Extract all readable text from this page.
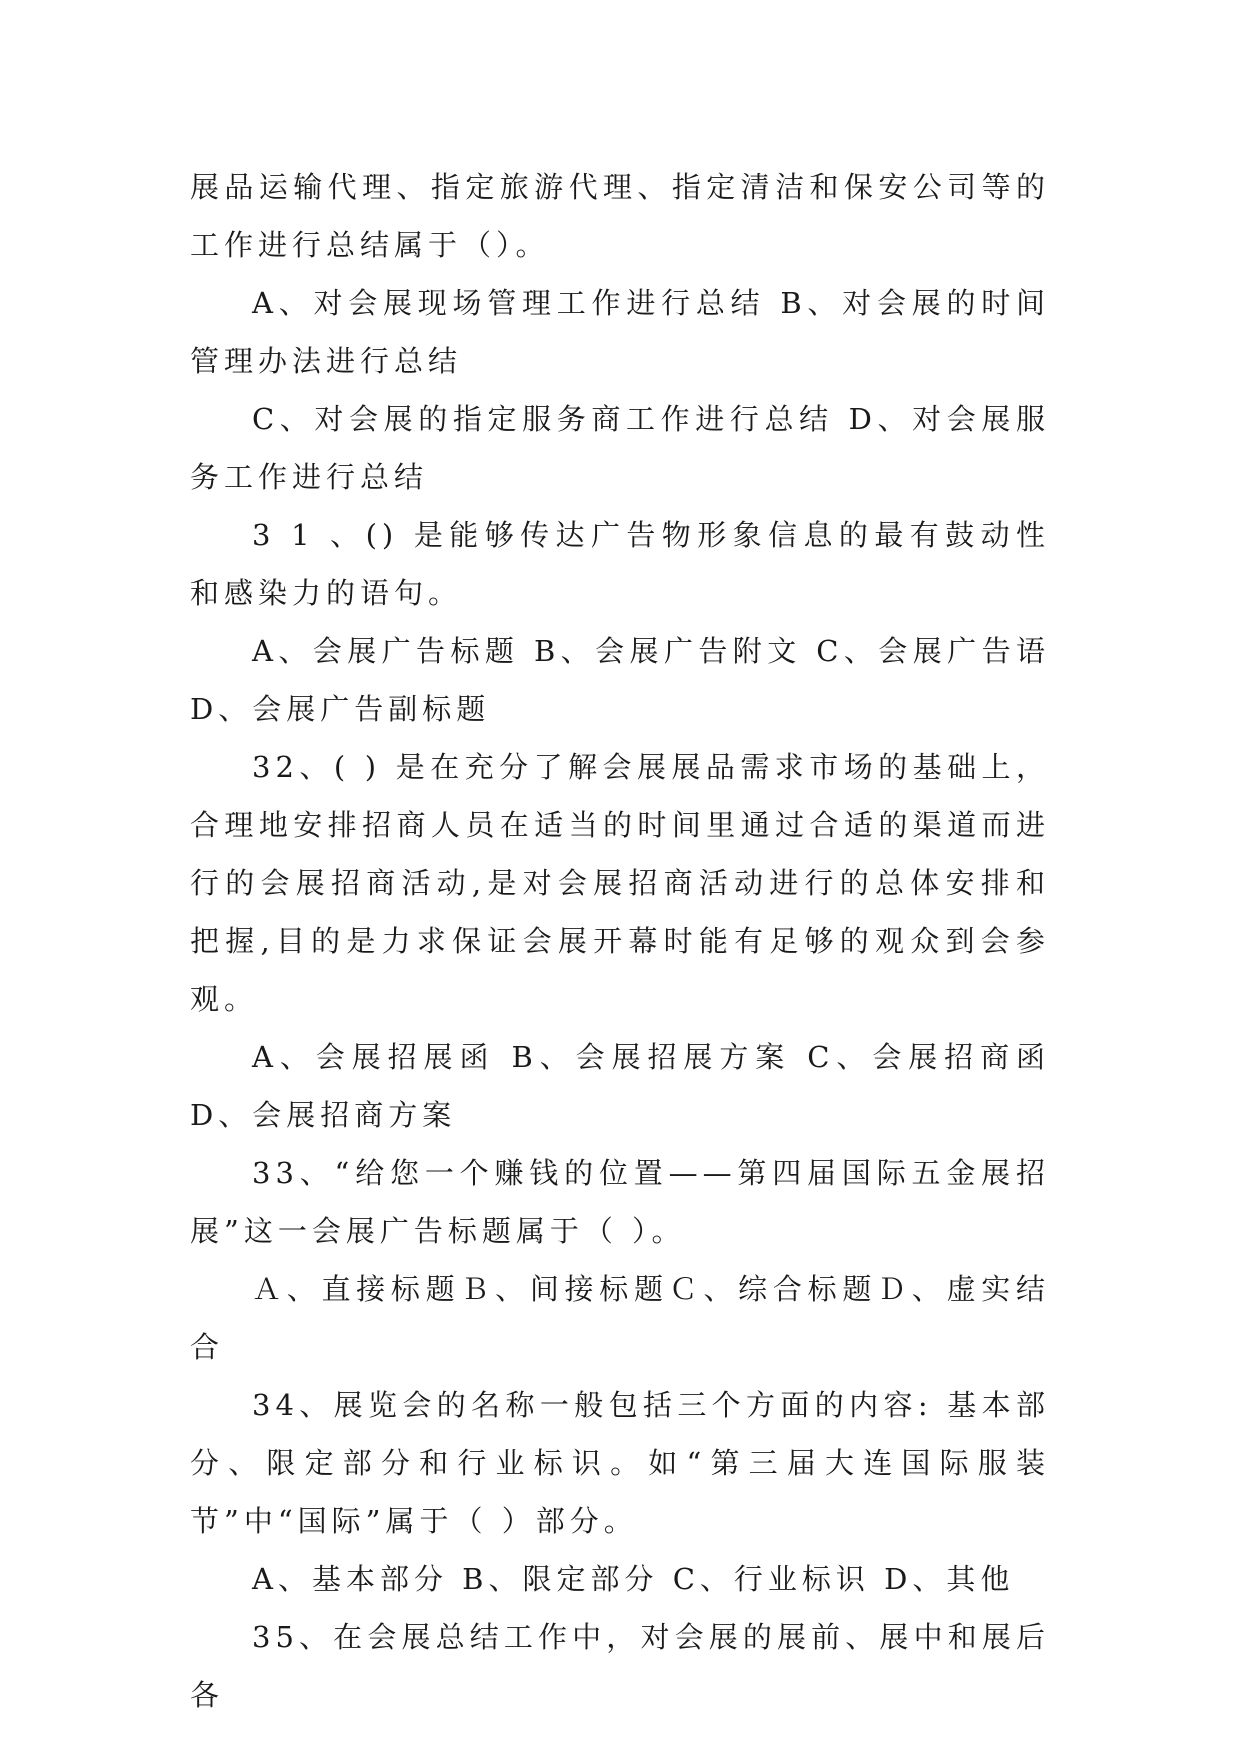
展品运输代理、指定旅游代理、指定清洁和保安公司等的工作进行总结属于（）。

A、对会展现场管理工作进行总结 B、对会展的时间管理办法进行总结

C、对会展的指定服务商工作进行总结 D、对会展服务工作进行总结

3 1 、() 是能够传达广告物形象信息的最有鼓动性和感染力的语句。

A、会展广告标题 B、会展广告附文 C、会展广告语 D、会展广告副标题

32、( ) 是在充分了解会展展品需求市场的基础上，合理地安排招商人员在适当的时间里通过合适的渠道而进行的会展招商活动,是对会展招商活动进行的总体安排和把握,目的是力求保证会展开幕时能有足够的观众到会参观。

A、会展招展函 B、会展招展方案 C、会展招商函 D、会展招商方案

33、“给您一个赚钱的位置——第四届国际五金展招展”这一会展广告标题属于（ ）。

Ａ、直接标题Ｂ、间接标题Ｃ、综合标题Ｄ、虚实结合

34、展览会的名称一般包括三个方面的内容: 基本部分、限定部分和行业标识。如“第三届大连国际服装节”中“国际”属于（ ）部分。

A、基本部分 B、限定部分 C、行业标识 D、其他

35、在会展总结工作中，对会展的展前、展中和展后各
